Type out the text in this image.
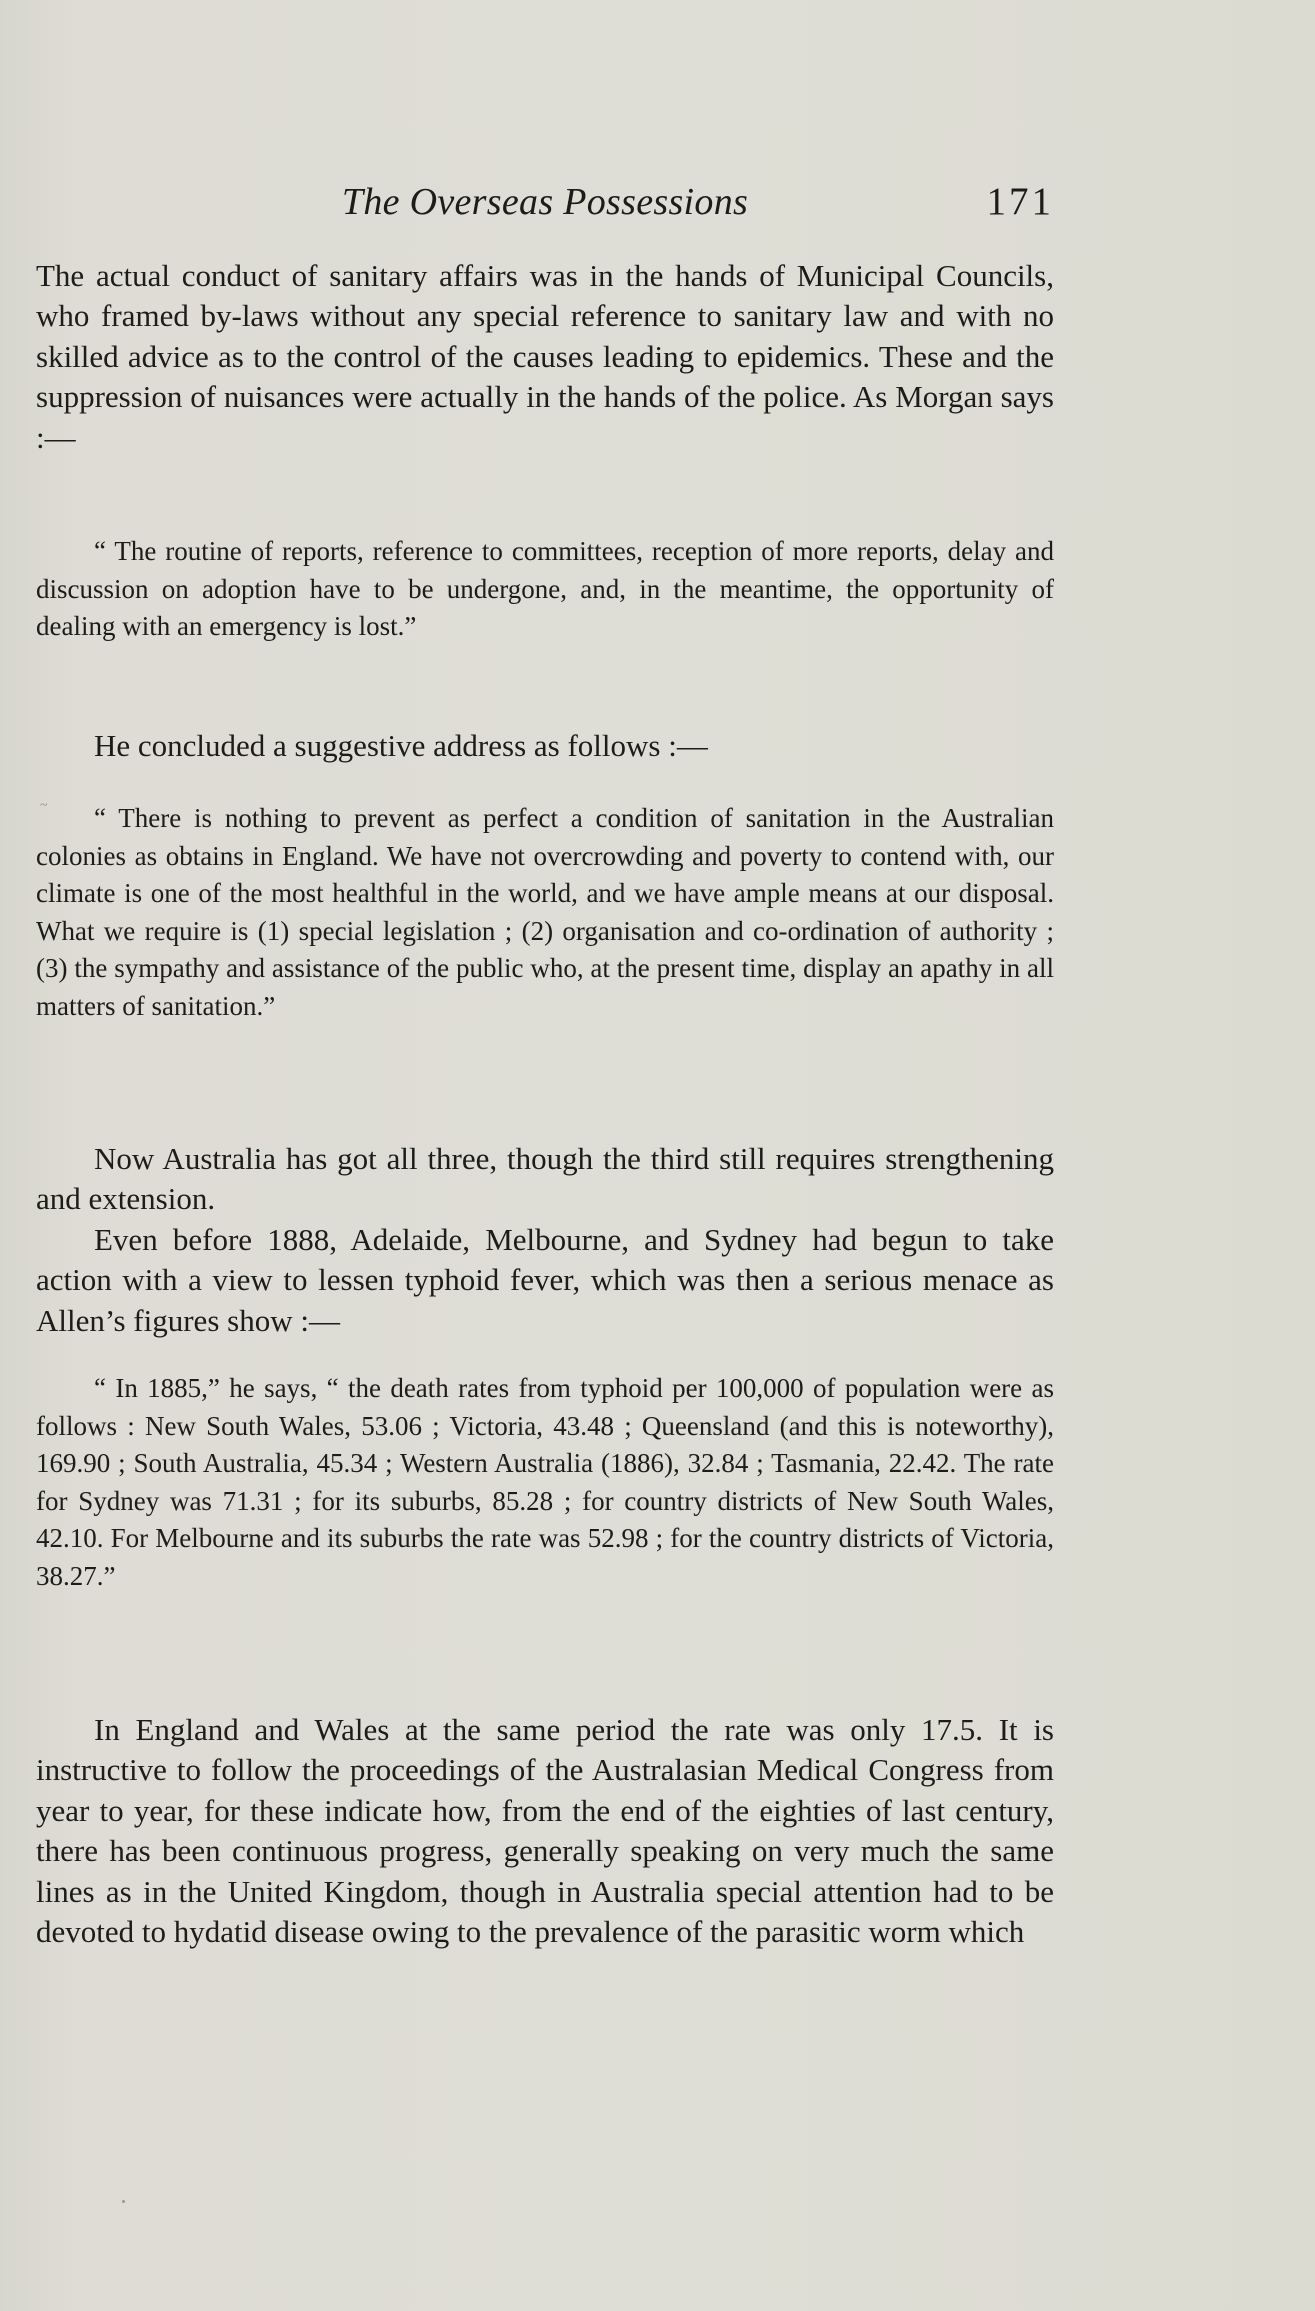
The Overseas Possessions	171

The actual conduct of sanitary affairs was in the hands of Municipal Councils, who framed by-laws without any special reference to sanitary law and with no skilled advice as to the control of the causes leading to epidemics. These and the suppression of nuisances were actually in the hands of the police. As Morgan says :—

“ The routine of reports, reference to committees, reception of more reports, delay and discussion on adoption have to be undergone, and, in the meantime, the opportunity of dealing with an emergency is lost.”

He concluded a suggestive address as follows :—

~	“ There is nothing to prevent as perfect a condition of sanitation in the Australian colonies as obtains in England. We have not overcrowding and poverty to contend with, our climate is one of the most healthful in the world, and we have ample means at our disposal. What we require is (1) special legislation ; (2) organisation and co-ordination of authority ; (3) the sympathy and assistance of the public who, at the present time, display an apathy in all matters of sanitation.”

Now Australia has got all three, though the third still requires strengthening and extension.

Even before 1888, Adelaide, Melbourne, and Sydney had begun to take action with a view to lessen typhoid fever, which was then a serious menace as Allen’s figures show :—

“ In 1885,” he says, “ the death rates from typhoid per 100,000 of population were as follows : New South Wales, 53.06 ; Victoria, 43.48 ; Queensland (and this is noteworthy), 169.90 ; South Australia, 45.34 ; Western Australia (1886), 32.84 ; Tasmania, 22.42. The rate for Sydney was 71.31 ; for its suburbs, 85.28 ; for country districts of New South Wales, 42.10. For Melbourne and its suburbs the rate was 52.98 ; for the country districts of Victoria, 38.27.”

In England and Wales at the same period the rate was only 17.5. It is instructive to follow the proceedings of the Australasian Medical Congress from year to year, for these indicate how, from the end of the eighties of last century, there has been continuous progress, generally speaking on very much the same lines as in the United Kingdom, though in Australia special attention had to be devoted to hydatid disease owing to the prevalence of the parasitic worm which
